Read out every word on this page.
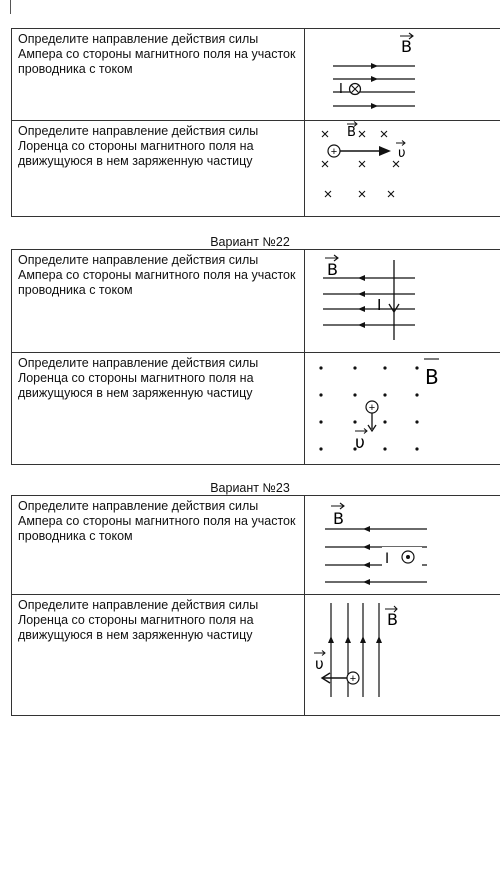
Определите направление действия силы Ампера со стороны магнитного поля на участок проводника с током	B
I

Определите направление действия силы Лоренца со стороны магнитного поля на движущуюся в нем заряженную частицу	B
+ υ
Вариант №22
Определите направление действия силы Ампера со стороны магнитного поля на участок проводника с током	I
B

Определите направление действия силы Лоренца со стороны магнитного поля на движущуюся в нем заряженную частицу	B
+
υ
Вариант №23
Определите направление действия силы Ампера со стороны магнитного поля на участок проводника с током	B
I

Определите направление действия силы Лоренца со стороны магнитного поля на движущуюся в нем заряженную частицу	B
+
υ
